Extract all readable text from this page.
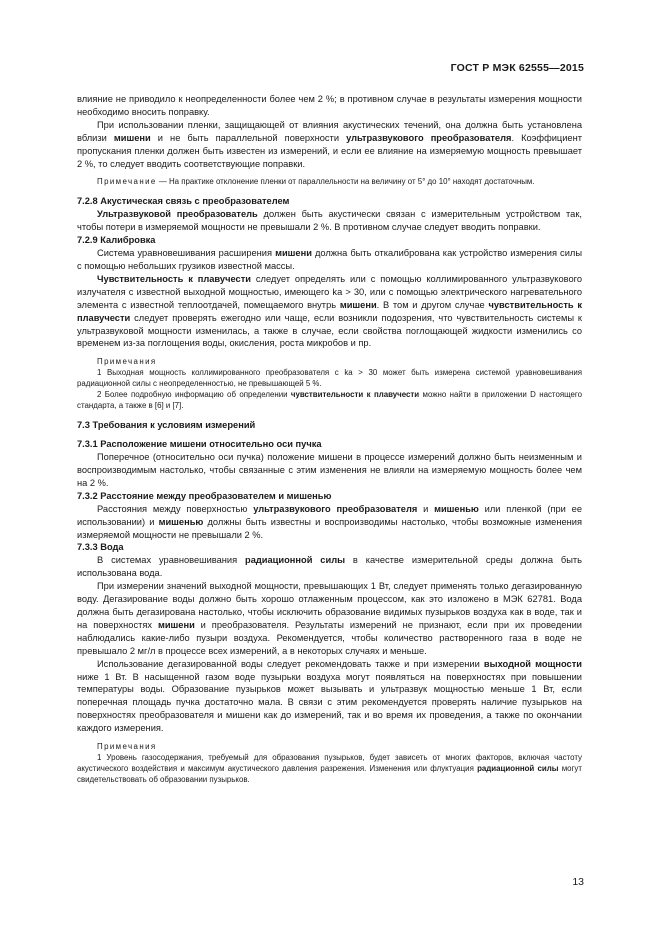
ГОСТ Р МЭК 62555—2015

влияние не приводило к неопределенности более чем 2 %; в противном случае в результаты измерения мощности необходимо вносить поправку.

При использовании пленки, защищающей от влияния акустических течений, она должна быть установлена вблизи мишени и не быть параллельной поверхности ультразвукового преобразователя. Коэффициент пропускания пленки должен быть известен из измерений, и если ее влияние на измеряемую мощность превышает 2 %, то следует вводить соответствующие поправки.

Примечание — На практике отклонение пленки от параллельности на величину от 5° до 10° находят достаточным.

7.2.8 Акустическая связь с преобразователем

Ультразвуковой преобразователь должен быть акустически связан с измерительным устройством так, чтобы потери в измеряемой мощности не превышали 2 %. В противном случае следует вводить поправки.

7.2.9 Калибровка

Система уравновешивания расширения мишени должна быть откалибрована как устройство измерения силы с помощью небольших грузиков известной массы.

Чувствительность к плавучести следует определять или с помощью коллимированного ультразвукового излучателя с известной выходной мощностью, имеющего kа > 30, или с помощью электрического нагревательного элемента с известной теплоотдачей, помещаемого внутрь мишени. В том и другом случае чувствительность к плавучести следует проверять ежегодно или чаще, если возникли подозрения, что чувствительность системы к ультразвуковой мощности изменилась, а также в случае, если свойства поглощающей жидкости изменились со временем из-за поглощения воды, окисления, роста микробов и пр.

Примечания

1 Выходная мощность коллимированного преобразователя с kа > 30 может быть измерена системой уравновешивания радиационной силы с неопределенностью, не превышающей 5 %.

2 Более подробную информацию об определении чувствительности к плавучести можно найти в приложении D настоящего стандарта, а также в [6] и [7].

7.3 Требования к условиям измерений

7.3.1 Расположение мишени относительно оси пучка

Поперечное (относительно оси пучка) положение мишени в процессе измерений должно быть неизменным и воспроизводимым настолько, чтобы связанные с этим изменения не влияли на измеряемую мощность более чем на 2 %.

7.3.2 Расстояние между преобразователем и мишенью

Расстояния между поверхностью ультразвукового преобразователя и мишенью или пленкой (при ее использовании) и мишенью должны быть известны и воспроизводимы настолько, чтобы возможные изменения измеряемой мощности не превышали 2 %.

7.3.3 Вода

В системах уравновешивания радиационной силы в качестве измерительной среды должна быть использована вода.

При измерении значений выходной мощности, превышающих 1 Вт, следует применять только дегазированную воду. Дегазирование воды должно быть хорошо отлаженным процессом, как это изложено в МЭК 62781. Вода должна быть дегазирована настолько, чтобы исключить образование видимых пузырьков воздуха как в воде, так и на поверхностях мишени и преобразователя. Результаты измерений не признают, если при их проведении наблюдались какие-либо пузыри воздуха. Рекомендуется, чтобы количество растворенного газа в воде не превышало 2 мг/л в процессе всех измерений, а в некоторых случаях и меньше.

Использование дегазированной воды следует рекомендовать также и при измерении выходной мощности ниже 1 Вт. В насыщенной газом воде пузырьки воздуха могут появляться на поверхностях при повышении температуры воды. Образование пузырьков может вызывать и ультразвук мощностью меньше 1 Вт, если поперечная площадь пучка достаточно мала. В связи с этим рекомендуется проверять наличие пузырьков на поверхностях преобразователя и мишени как до измерений, так и во время их проведения, а также по окончании каждого измерения.

Примечания

1 Уровень газосодержания, требуемый для образования пузырьков, будет зависеть от многих факторов, включая частоту акустического воздействия и максимум акустического давления разрежения. Изменения или флуктуация радиационной силы могут свидетельствовать об образовании пузырьков.

13
